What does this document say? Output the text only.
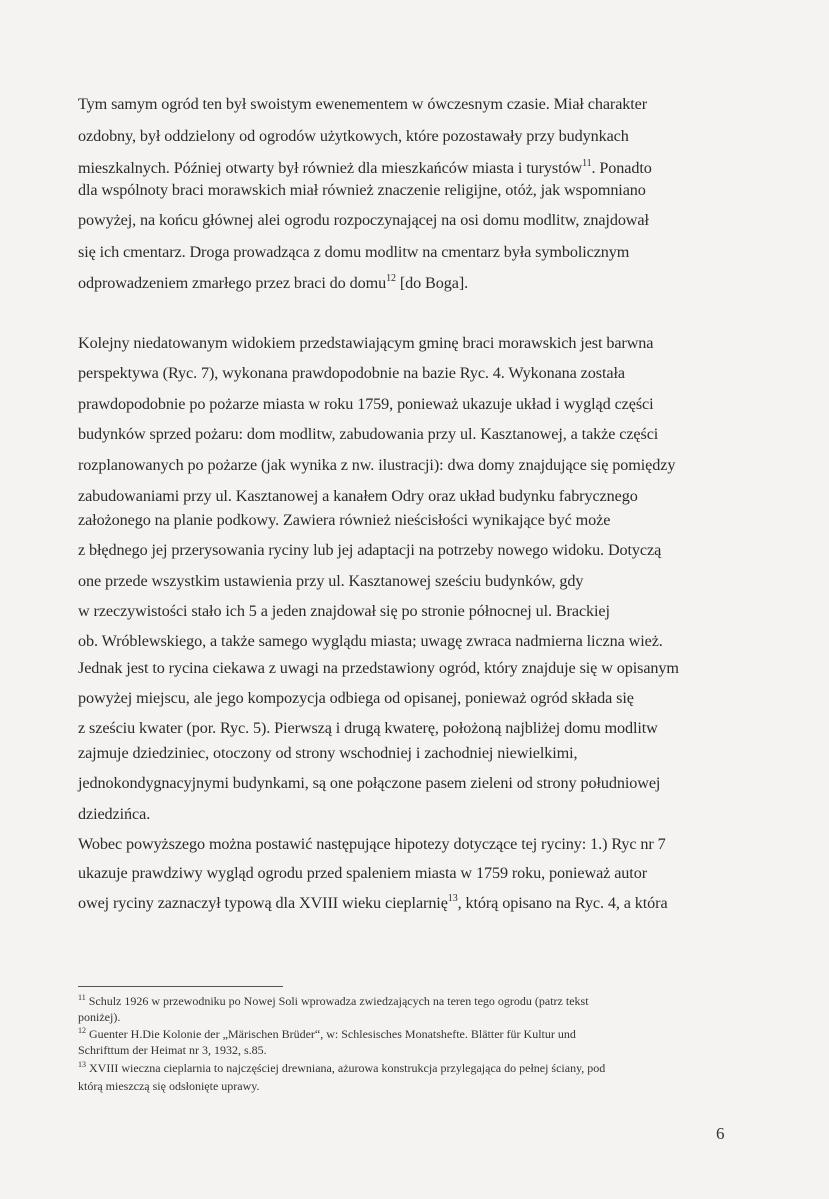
Tym samym ogród ten był swoistym ewenementem w ówczesnym czasie. Miał charakter
ozdobny, był oddzielony od ogrodów użytkowych, które pozostawały przy budynkach
mieszkalnych. Później otwarty był również dla mieszkańców miasta i turystów$^{11}$. Ponadto
dla wspólnoty braci morawskich miał również znaczenie religijne, otóż, jak wspomniano
powyżej, na końcu głównej alei ogrodu rozpoczynającej na osi domu modlitw, znajdował
się ich cmentarz. Droga prowadząca z domu modlitw na cmentarz była symbolicznym
odprowadzeniem zmarłego przez braci do domu$^{12}$ [do Boga].
Kolejny niedatowanym widokiem przedstawiającym gminę braci morawskich jest barwna
perspektywa (Ryc. 7), wykonana prawdopodobnie na bazie Ryc. 4. Wykonana została
prawdopodobnie po pożarze miasta w roku 1759, ponieważ ukazuje układ i wygląd części
budynków sprzed pożaru: dom modlitw, zabudowania przy ul. Kasztanowej, a także części
rozplanowanych po pożarze (jak wynika z nw. ilustracji): dwa domy znajdujące się pomiędzy
zabudowaniami przy ul. Kasztanowej a kanałem Odry oraz układ budynku fabrycznego
założonego na planie podkowy. Zawiera również nieścisłości wynikające być może
z błędnego jej przerysowania ryciny lub jej adaptacji na potrzeby nowego widoku. Dotyczą
one przede wszystkim ustawienia przy ul. Kasztanowej sześciu budynków, gdy
w rzeczywistości stało ich 5 a jeden znajdował się po stronie północnej ul. Brackiej
ob. Wróblewskiego, a także samego wyglądu miasta; uwagę zwraca nadmierna liczna wież.
Jednak jest to rycina ciekawa z uwagi na przedstawiony ogród, który znajduje się w opisanym
powyżej miejscu, ale jego kompozycja odbiega od opisanej, ponieważ ogród składa się
z sześciu kwater (por. Ryc. 5). Pierwszą i drugą kwaterę, położoną najbliżej domu modlitw
zajmuje dziedziniec, otoczony od strony wschodniej i zachodniej niewielkimi,
jednokondygnacyjnymi budynkami, są one połączone pasem zieleni od strony południowej
dziedzińca.
Wobec powyższego można postawić następujące hipotezy dotyczące tej ryciny: 1.) Ryc nr 7
ukazuje prawdziwy wygląd ogrodu przed spaleniem miasta w 1759 roku, ponieważ autor
owej ryciny zaznaczył typową dla XVIII wieku cieplarnię$^{13}$, którą opisano na Ryc. 4, a która
$^{11}$ Schulz 1926 w przewodniku po Nowej Soli wprowadza zwiedzających na teren tego ogrodu (patrz tekst
poniżej).
$^{12}$ Guenter H.Die Kolonie der „Märischen Brüder“, w: Schlesisches Monatshefte. Blätter für Kultur und
Schrifttum der Heimat nr 3, 1932, s.85.
$^{13}$ XVIII wieczna cieplarnia to najczęściej drewniana, ażurowa konstrukcja przylegająca do pełnej ściany, pod
którą mieszczą się odsłonięte uprawy.
6
